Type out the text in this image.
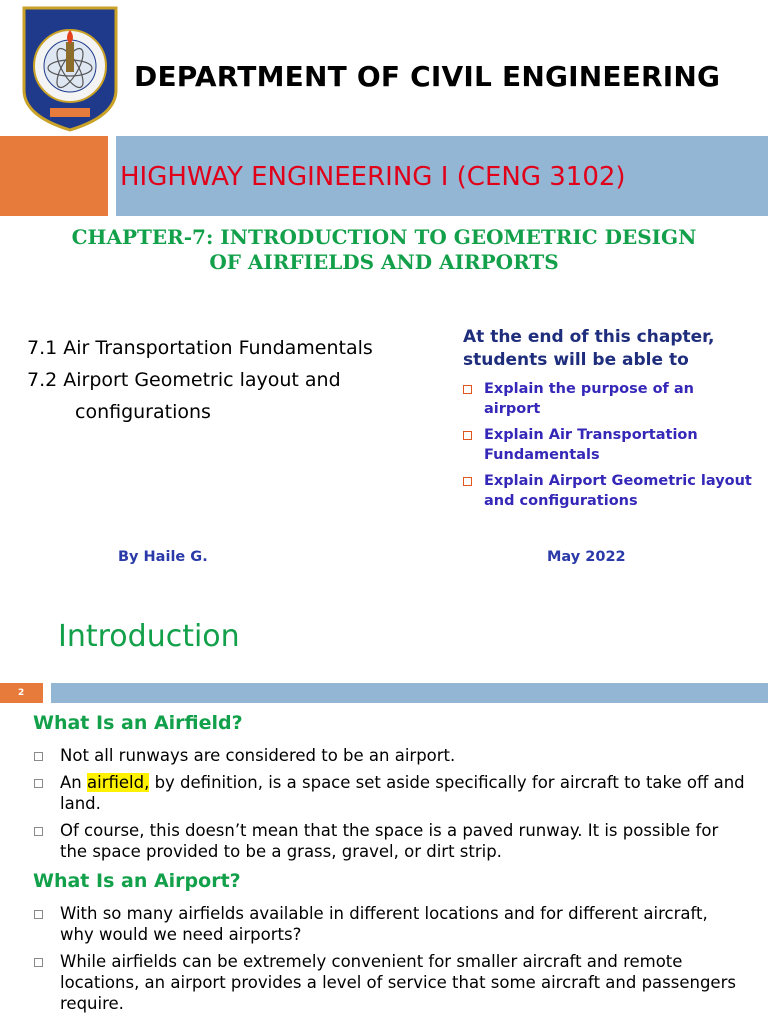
DEPARTMENT OF CIVIL ENGINEERING
HIGHWAY ENGINEERING I (CENG 3102)
CHAPTER-7: INTRODUCTION TO GEOMETRIC DESIGN
OF AIRFIELDS AND AIRPORTS
7.1 Air Transportation Fundamentals
7.2 Airport Geometric layout and
configurations
At the end of this chapter, students will be able to
Explain the purpose of an airport
Explain Air Transportation Fundamentals
Explain Airport Geometric layout and configurations
By Haile G.	May 2022
Introduction
2
What Is an Airfield?
Not all runways are considered to be an airport.
An airfield, by definition, is a space set aside specifically for aircraft to take off and land.
Of course, this doesn’t mean that the space is a paved runway. It is possible for the space provided to be a grass, gravel, or dirt strip.
What Is an Airport?
With so many airfields available in different locations and for different aircraft, why would we need airports?
While airfields can be extremely convenient for smaller aircraft and remote locations, an airport provides a level of service that some aircraft and passengers require.
